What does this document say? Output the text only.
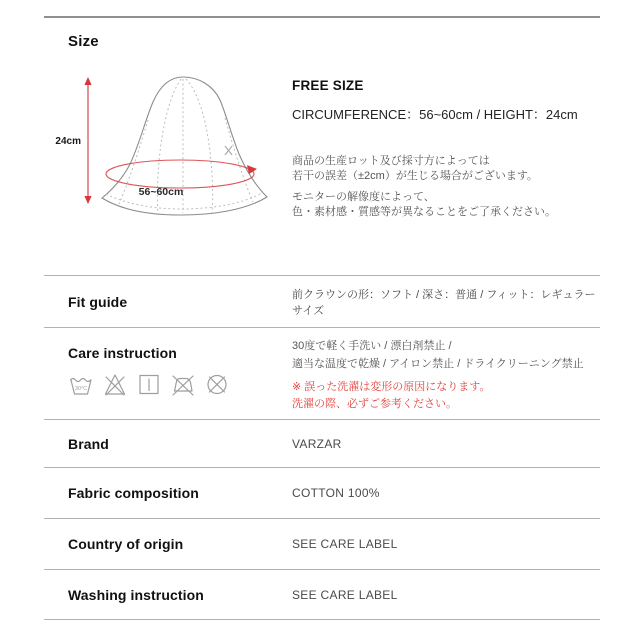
Size
24cm
56~60cm
FREE SIZE
CIRCUMFERENCE：56~60cm / HEIGHT：24cm
商品の生産ロット及び採寸方によっては
若干の誤差（±2cm）が生じる場合がございます。
モニターの解像度によって、
色・素材感・質感等が異なることをご了承ください。
Fit guide	前クラウンの形：ソフト / 深さ：普通 / フィット：レギュラーサイズ
Care instruction
30°C
30度で軽く手洗い / 漂白剤禁止 /
適当な温度で乾燥 / アイロン禁止 / ドライクリーニング禁止
※ 誤った洗濯は変形の原因になります。
洗濯の際、必ずご参考ください。
Brand	VARZAR
Fabric composition	COTTON 100%
Country of origin	SEE CARE LABEL
Washing instruction	SEE CARE LABEL
